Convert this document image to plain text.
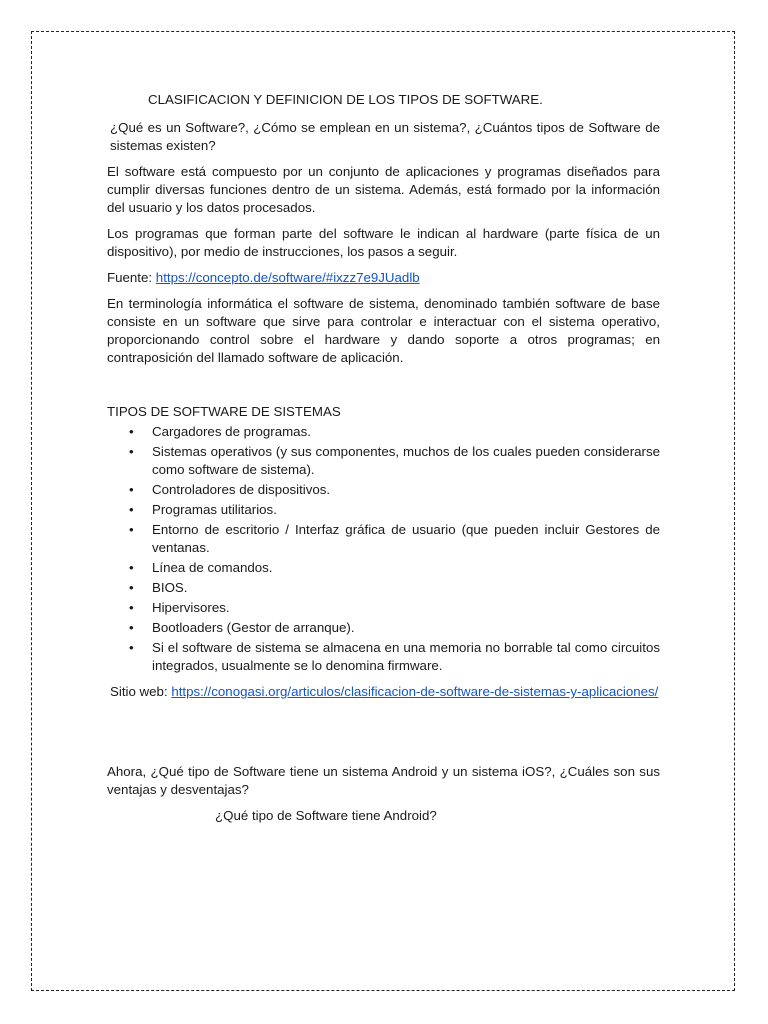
CLASIFICACION Y DEFINICION DE LOS TIPOS DE SOFTWARE.

¿Qué es un Software?, ¿Cómo se emplean en un sistema?, ¿Cuántos tipos de Software de sistemas existen?

El software está compuesto por un conjunto de aplicaciones y programas diseñados para cumplir diversas funciones dentro de un sistema. Además, está formado por la información del usuario y los datos procesados.

Los programas que forman parte del software le indican al hardware (parte física de un dispositivo), por medio de instrucciones, los pasos a seguir.

Fuente: https://concepto.de/software/#ixzz7e9JUadlb

En terminología informática el software de sistema, denominado también software de base consiste en un software que sirve para controlar e interactuar con el sistema operativo, proporcionando control sobre el hardware y dando soporte a otros programas; en contraposición del llamado software de aplicación.

TIPOS DE SOFTWARE DE SISTEMAS
• Cargadores de programas.
• Sistemas operativos (y sus componentes, muchos de los cuales pueden considerarse como software de sistema).
• Controladores de dispositivos.
• Programas utilitarios.
• Entorno de escritorio / Interfaz gráfica de usuario (que pueden incluir Gestores de ventanas.
• Línea de comandos.
• BIOS.
• Hipervisores.
• Bootloaders (Gestor de arranque).
• Si el software de sistema se almacena en una memoria no borrable tal como circuitos integrados, usualmente se lo denomina firmware.

Sitio web: https://conogasi.org/articulos/clasificacion-de-software-de-sistemas-y-aplicaciones/

Ahora, ¿Qué tipo de Software tiene un sistema Android y un sistema iOS?, ¿Cuáles son sus ventajas y desventajas?

¿Qué tipo de Software tiene Android?
